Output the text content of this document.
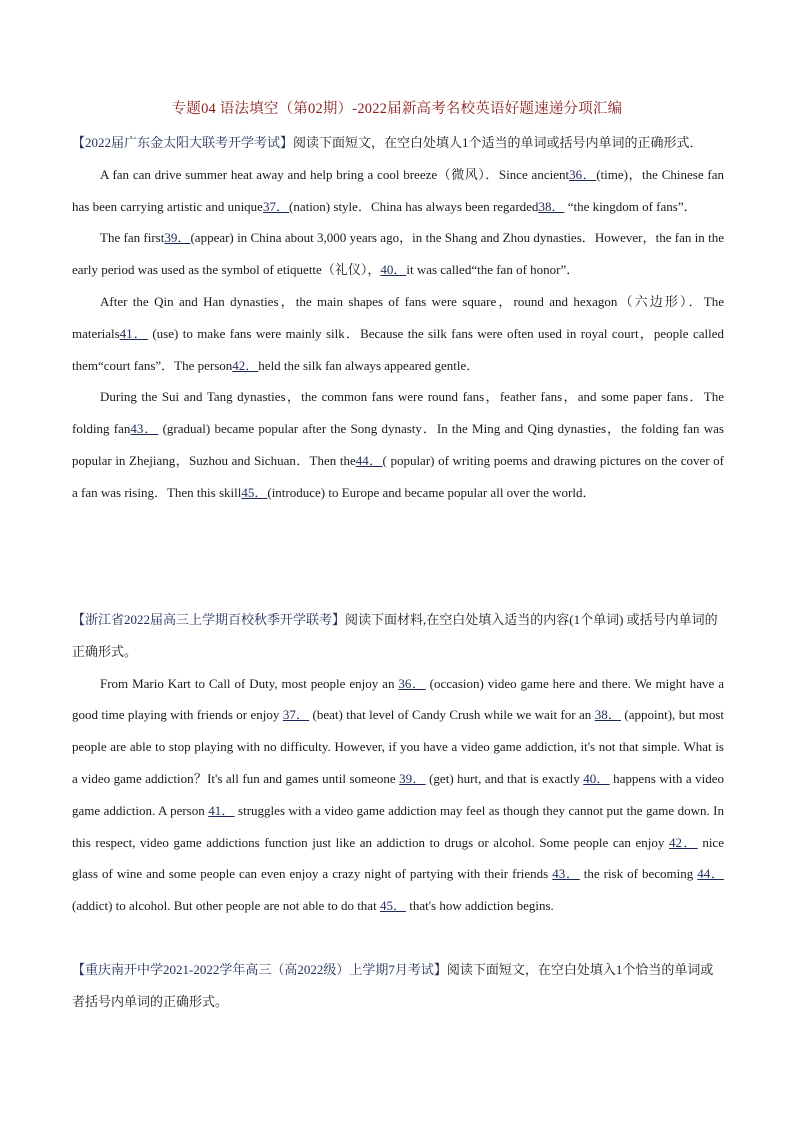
专题04 语法填空（第02期）-2022届新高考名校英语好题速递分项汇编

【2022届广东金太阳大联考开学考试】阅读下面短文，在空白处填人1个适当的单词或括号内单词的正确形式．

A fan can drive summer heat away and help bring a cool breeze（微风）．Since ancient36．(time)，the Chinese fan has been carrying artistic and unique37．(nation) style．China has always been regarded38． “the kingdom of fans”．

The fan first39．(appear) in China about 3,000 years ago，in the Shang and Zhou dynasties．However，the fan in the early period was used as the symbol of etiquette（礼仪），40．it was called“the fan of honor”．

After the Qin and Han dynasties，the main shapes of fans were square，round and hexagon（六边形）．The materials41． (use) to make fans were mainly silk．Because the silk fans were often used in royal court，people called them“court fans”．The person42．held the silk fan always appeared gentle．

During the Sui and Tang dynasties，the common fans were round fans，feather fans，and some paper fans．The folding fan43． (gradual) became popular after the Song dynasty．In the Ming and Qing dynasties，the folding fan was popular in Zhejiang，Suzhou and Sichuan．Then the44．( popular) of writing poems and drawing pictures on the cover of a fan was rising．Then this skill45．(introduce) to Europe and became popular all over the world．

【浙江省2022届高三上学期百校秋季开学联考】阅读下面材料,在空白处填入适当的内容(1个单词) 或括号内单词的正确形式。

From Mario Kart to Call of Duty, most people enjoy an 36． (occasion) video game here and there. We might have a good time playing with friends or enjoy 37． (beat) that level of Candy Crush while we wait for an 38． (appoint), but most people are able to stop playing with no difficulty. However, if you have a video game addiction, it's not that simple. What is a video game addiction？It's all fun and games until someone 39． (get) hurt, and that is exactly 40． happens with a video game addiction. A person 41． struggles with a video game addiction may feel as though they cannot put the game down. In this respect, video game addictions function just like an addiction to drugs or alcohol. Some people can enjoy 42． nice glass of wine and some people can even enjoy a crazy night of partying with their friends 43． the risk of becoming 44． (addict) to alcohol. But other people are not able to do that 45． that's how addiction begins.

【重庆南开中学2021-2022学年高三（高2022级）上学期7月考试】阅读下面短文，在空白处填入1个恰当的单词或者括号内单词的正确形式。
